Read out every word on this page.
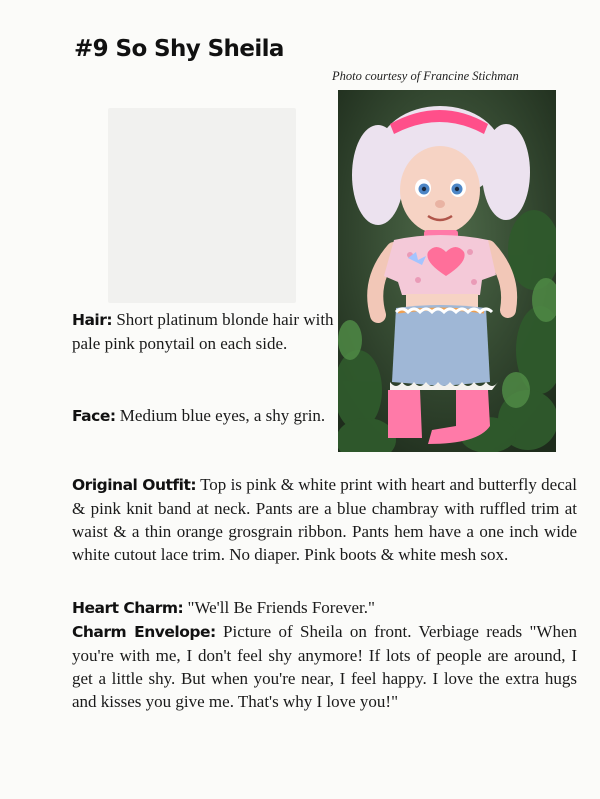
#9 So Shy Sheila
Photo courtesy of Francine Stichman

Hair: Short platinum blonde hair with pale pink ponytail on each side.

Face: Medium blue eyes, a shy grin.

Original Outfit: Top is pink & white print with heart and butterfly decal & pink knit band at neck. Pants are a blue chambray with ruffled trim at waist & a thin orange grosgrain ribbon. Pants hem have a one inch wide white cutout lace trim. No diaper. Pink boots & white mesh sox.

Heart Charm: "We'll Be Friends Forever."

Charm Envelope: Picture of Sheila on front. Verbiage reads "When you're with me, I don't feel shy anymore! If lots of people are around, I get a little shy. But when you're near, I feel happy. I love the extra hugs and kisses you give me. That's why I love you!"
